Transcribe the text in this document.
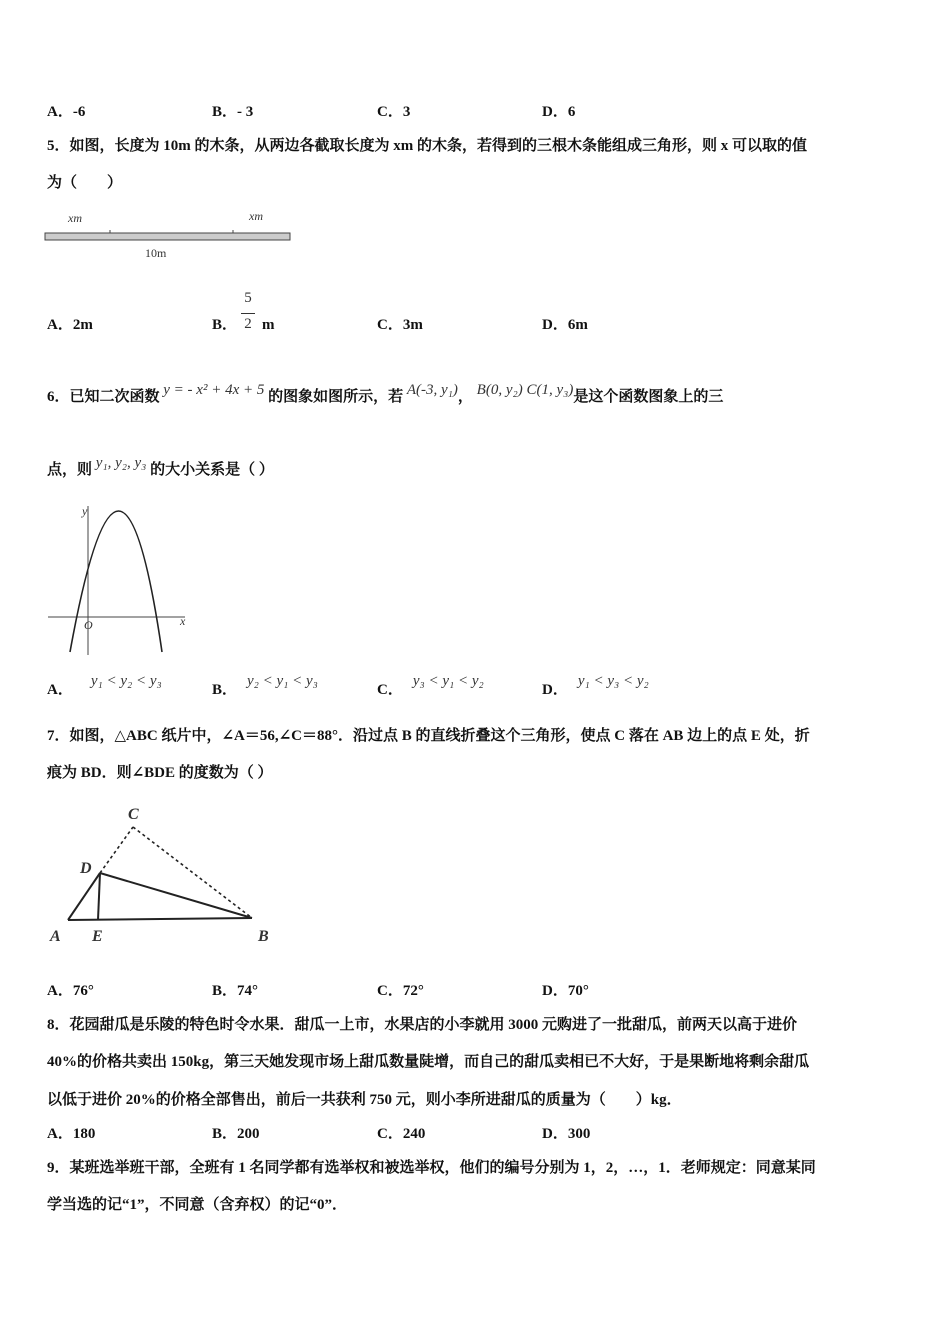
A．-6	B．- 3	C．3	D．6
5．如图，长度为 10m 的木条，从两边各截取长度为 xm 的木条，若得到的三根木条能组成三角形，则 x 可以取的值
为（　　）
xm	xm
10m
A．2m	B．
5
2 m	C．3m	D．6m
6．已知二次函数 y = - x² + 4x + 5 的图象如图所示，若 A(-3, y₁)， B(0, y₂) C(1, y₃)是这个函数图象上的三
点，则 y₁, y₂, y₃ 的大小关系是（ ）
y
x
O
A．y₁ < y₂ < y₃
B．y₂ < y₁ < y₃
C．y₃ < y₁ < y₂
D．y₁ < y₃ < y₂
7．如图，△ABC 纸片中，∠A＝56,∠C＝88°．沿过点 B 的直线折叠这个三角形，使点 C 落在 AB 边上的点 E 处，折
痕为 BD．则∠BDE 的度数为（ ）
C
D
A E	B
A．76°	B．74°	C．72°	D．70°
8．花园甜瓜是乐陵的特色时令水果．甜瓜一上市，水果店的小李就用 3000 元购进了一批甜瓜，前两天以高于进价
40%的价格共卖出 150kg，第三天她发现市场上甜瓜数量陡增，而自己的甜瓜卖相已不大好，于是果断地将剩余甜瓜
以低于进价 20%的价格全部售出，前后一共获利 750 元，则小李所进甜瓜的质量为（　　）kg．
A．180	B．200	C．240	D．300
9．某班选举班干部，全班有 1 名同学都有选举权和被选举权，他们的编号分别为 1，2，…，1．老师规定：同意某同
学当选的记“1”，不同意（含弃权）的记“0”．
